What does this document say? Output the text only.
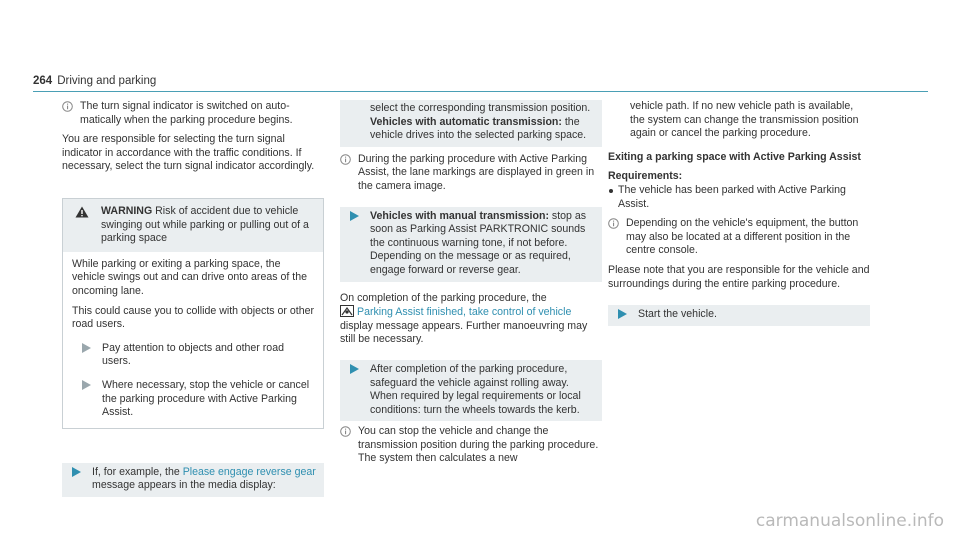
264 Driving and parking

The turn signal indicator is switched on automatically when the parking procedure begins.

You are responsible for selecting the turn signal indicator in accordance with the traffic conditions. If necessary, select the turn signal indicator accordingly.

WARNING Risk of accident due to vehicle swinging out while parking or pulling out of a parking space

While parking or exiting a parking space, the vehicle swings out and can drive onto areas of the oncoming lane.

This could cause you to collide with objects or other road users.

Pay attention to objects and other road users.

Where necessary, stop the vehicle or cancel the parking procedure with Active Parking Assist.

If, for example, the Please engage reverse gear message appears in the media display:

select the corresponding transmission position.

Vehicles with automatic transmission: the vehicle drives into the selected parking space.

During the parking procedure with Active Parking Assist, the lane markings are displayed in green in the camera image.

Vehicles with manual transmission: stop as soon as Parking Assist PARKTRONIC sounds the continuous warning tone, if not before. Depending on the message or as required, engage forward or reverse gear.

On completion of the parking procedure, the
Parking Assist finished, take control of vehicle display message appears. Further manoeuvring may still be necessary.

After completion of the parking procedure, safeguard the vehicle against rolling away. When required by legal requirements or local conditions: turn the wheels towards the kerb.

You can stop the vehicle and change the transmission position during the parking procedure. The system then calculates a new

vehicle path. If no new vehicle path is available, the system can change the transmission position again or cancel the parking procedure.

Exiting a parking space with Active Parking Assist

Requirements:

The vehicle has been parked with Active Parking Assist.

Depending on the vehicle's equipment, the button may also be located at a different position in the centre console.

Please note that you are responsible for the vehicle and surroundings during the entire parking procedure.

Start the vehicle.

carmanualsonline.info
